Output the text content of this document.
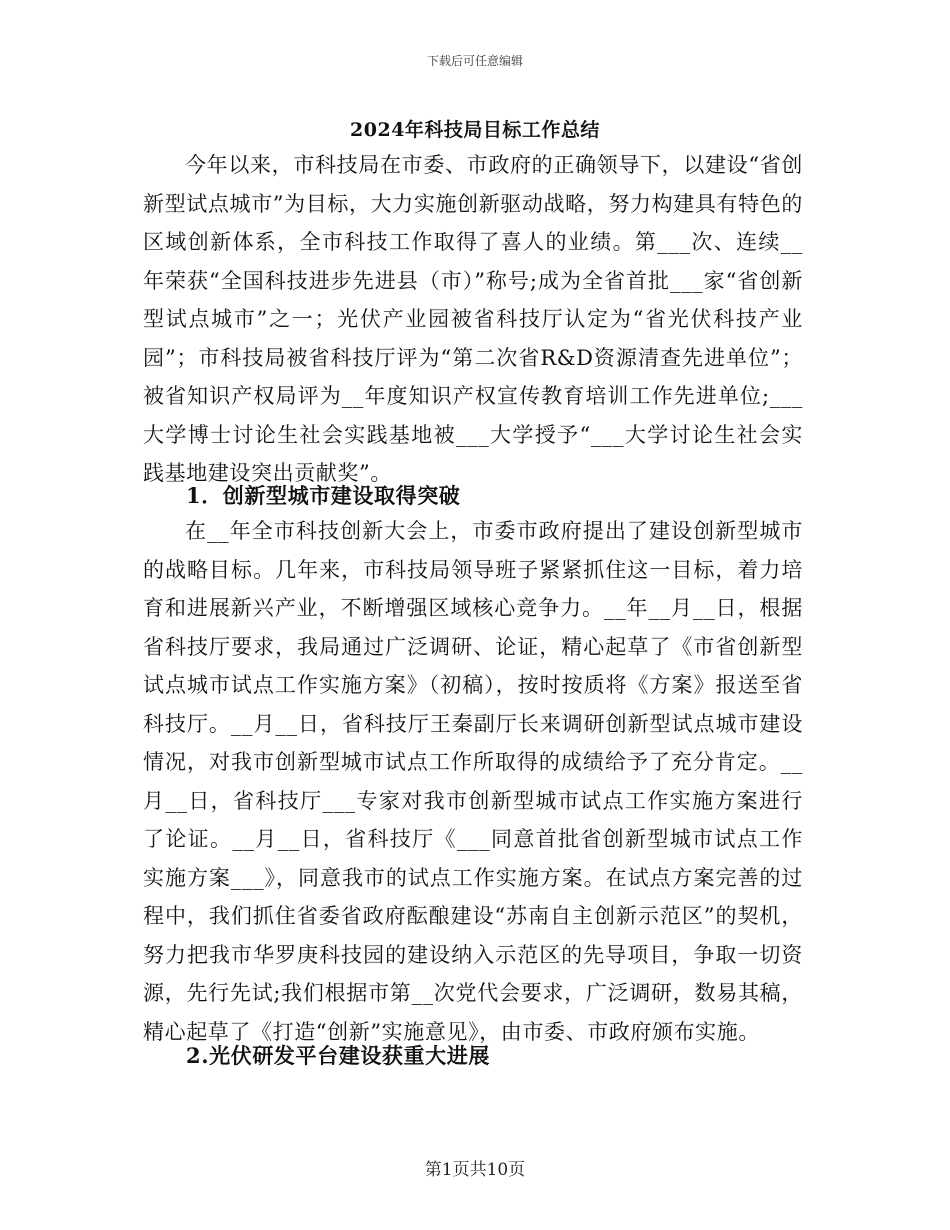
下载后可任意编辑
2024年科技局目标工作总结
今年以来，市科技局在市委、市政府的正确领导下，以建设“省创新型试点城市”为目标，大力实施创新驱动战略，努力构建具有特色的区域创新体系，全市科技工作取得了喜人的业绩。第___次、连续__年荣获“全国科技进步先进县（市）”称号;成为全省首批___家“省创新型试点城市”之一；光伏产业园被省科技厅认定为“省光伏科技产业园”；市科技局被省科技厅评为“第二次省R&D资源清查先进单位”；被省知识产权局评为__年度知识产权宣传教育培训工作先进单位;___大学博士讨论生社会实践基地被___大学授予“___大学讨论生社会实践基地建设突出贡献奖”。
1．创新型城市建设取得突破
在__年全市科技创新大会上，市委市政府提出了建设创新型城市的战略目标。几年来，市科技局领导班子紧紧抓住这一目标，着力培育和进展新兴产业，不断增强区域核心竞争力。__年__月__日，根据省科技厅要求，我局通过广泛调研、论证，精心起草了《市省创新型试点城市试点工作实施方案》（初稿），按时按质将《方案》报送至省科技厅。__月__日，省科技厅王秦副厅长来调研创新型试点城市建设情况，对我市创新型城市试点工作所取得的成绩给予了充分肯定。__月__日，省科技厅___专家对我市创新型城市试点工作实施方案进行了论证。__月__日，省科技厅《___同意首批省创新型城市试点工作实施方案___》，同意我市的试点工作实施方案。在试点方案完善的过程中，我们抓住省委省政府酝酿建设“苏南自主创新示范区”的契机，努力把我市华罗庚科技园的建设纳入示范区的先导项目，争取一切资源，先行先试;我们根据市第__次党代会要求，广泛调研，数易其稿，精心起草了《打造“创新”实施意见》，由市委、市政府颁布实施。
2.光伏研发平台建设获重大进展
第1页共10页
